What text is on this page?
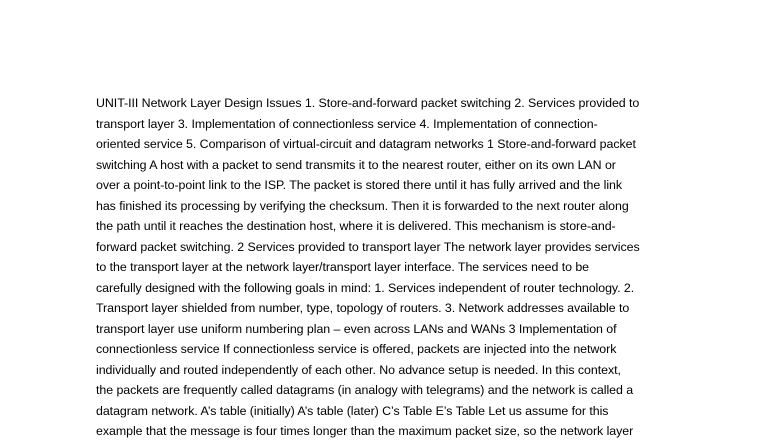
UNIT-III Network Layer Design Issues 1. Store-and-forward packet switching 2. Services provided to
transport layer 3. Implementation of connectionless service 4. Implementation of connection-
oriented service 5. Comparison of virtual-circuit and datagram networks 1 Store-and-forward packet
switching A host with a packet to send transmits it to the nearest router, either on its own LAN or
over a point-to-point link to the ISP. The packet is stored there until it has fully arrived and the link
has finished its processing by verifying the checksum. Then it is forwarded to the next router along
the path until it reaches the destination host, where it is delivered. This mechanism is store-and-
forward packet switching. 2 Services provided to transport layer The network layer provides services
to the transport layer at the network layer/transport layer interface. The services need to be
carefully designed with the following goals in mind: 1. Services independent of router technology. 2.
Transport layer shielded from number, type, topology of routers. 3. Network addresses available to
transport layer use uniform numbering plan – even across LANs and WANs 3 Implementation of
connectionless service If connectionless service is offered, packets are injected into the network
individually and routed independently of each other. No advance setup is needed. In this context,
the packets are frequently called datagrams (in analogy with telegrams) and the network is called a
datagram network. A’s table (initially) A’s table (later) C’s Table E’s Table Let us assume for this
example that the message is four times longer than the maximum packet size, so the network layer
